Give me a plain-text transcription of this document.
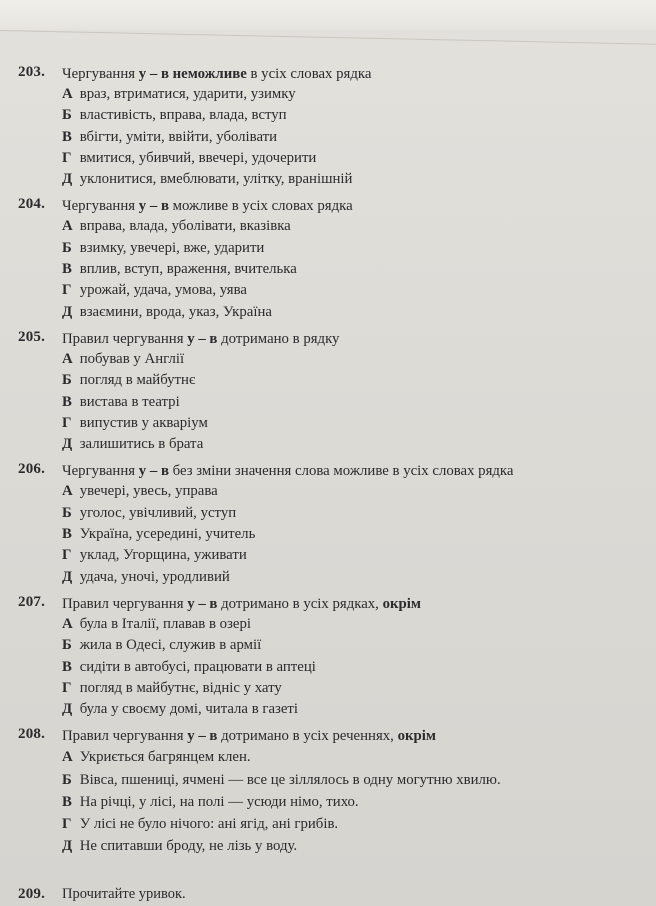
203. Чергування у – в неможливе в усіх словах рядка
А враз, втриматися, ударити, узимку
Б властивість, вправа, влада, вступ
В вбігти, уміти, ввійти, уболівати
Г вмитися, убивчий, ввечері, удочерити
Д уклонитися, вмеблювати, улітку, вранішній
204. Чергування у – в можливе в усіх словах рядка
А вправа, влада, уболівати, вказівка
Б взимку, увечері, вже, ударити
В вплив, вступ, враження, вчителька
Г урожай, удача, умова, уява
Д взаємини, врода, указ, Україна
205. Правил чергування у – в дотримано в рядку
А побував у Англії
Б погляд в майбутнє
В вистава в театрі
Г випустив у акваріум
Д залишитись в брата
206. Чергування у – в без зміни значення слова можливе в усіх словах рядка
А увечері, увесь, управа
Б уголос, увічливий, уступ
В Україна, усередині, учитель
Г уклад, Угорщина, уживати
Д удача, уночі, уродливий
207. Правил чергування у – в дотримано в усіх рядках, окрім
А була в Італії, плавав в озері
Б жила в Одесі, служив в армії
В сидіти в автобусі, працювати в аптеці
Г погляд в майбутнє, відніс у хату
Д була у своєму домі, читала в газеті
208. Правил чергування у – в дотримано в усіх реченнях, окрім
А Укриється багрянцем клен.
Б Вівса, пшениці, ячмені — все це зіллялось в одну могутню хвилю.
В На річці, у лісі, на полі — усюди німо, тихо.
Г У лісі не було нічого: ані ягід, ані грибів.
Д Не спитавши броду, не лізь у воду.
209. Прочитайте уривок.
